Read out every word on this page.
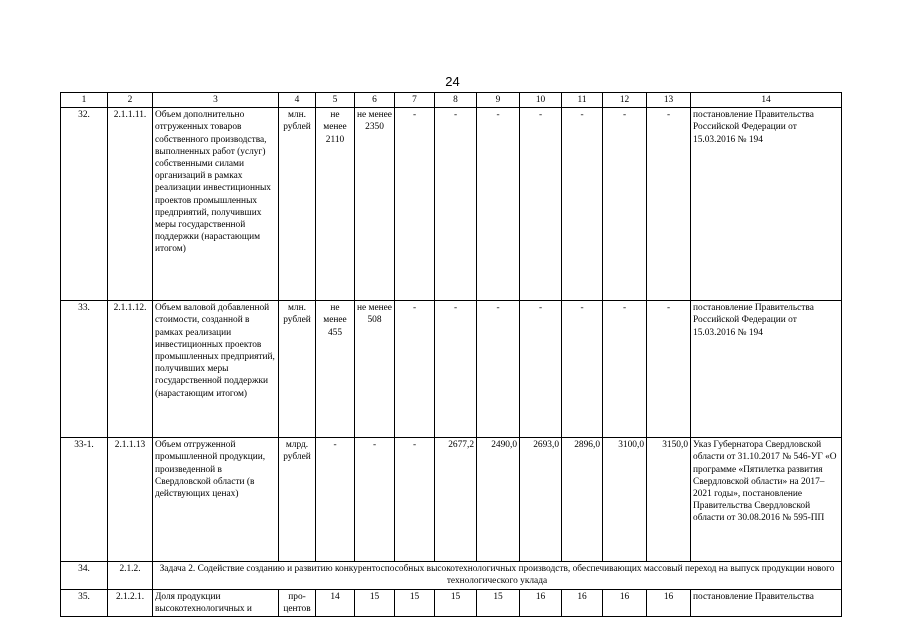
24
1	2	3	4	5	6	7	8	9	10	11	12	13	14
32.	2.1.1.11.	Объем дополнительно отгруженных товаров собственного производства, выполненных работ (услуг) собственными силами организаций в рамках реализации инвестиционных проектов промышленных предприятий, получивших меры государственной поддержки (нарастающим итогом)	млн. рублей	не менее 2110	не менее 2350	-	-	-	-	-	-	-	постановление Правительства Российской Федерации от 15.03.2016 № 194
33.	2.1.1.12.	Объем валовой добавленной стоимости, созданной в рамках реализации инвестиционных проектов промышленных предприятий, получивших меры государственной поддержки (нарастающим итогом)	млн. рублей	не менее 455	не менее 508	-	-	-	-	-	-	-	постановление Правительства Российской Федерации от 15.03.2016 № 194
33-1.	2.1.1.13	Объем отгруженной промышленной продукции, произведенной в Свердловской области (в действующих ценах)	млрд. рублей	-	-	-	2677,2	2490,0	2693,0	2896,0	3100,0	3150,0	Указ Губернатора Свердловской области от 31.10.2017 № 546-УГ «О программе «Пятилетка развития Свердловской области» на 2017–2021 годы», постановление Правительства Свердловской области от 30.08.2016 № 595-ПП
34.	2.1.2.	Задача 2. Содействие созданию и развитию конкурентоспособных высокотехнологичных производств, обеспечивающих массовый переход на выпуск продукции нового технологического уклада											
35.	2.1.2.1.	Доля продукции высокотехнологичных и	про-центов	14	15	15	15	15	16	16	16	16	постановление Правительства
